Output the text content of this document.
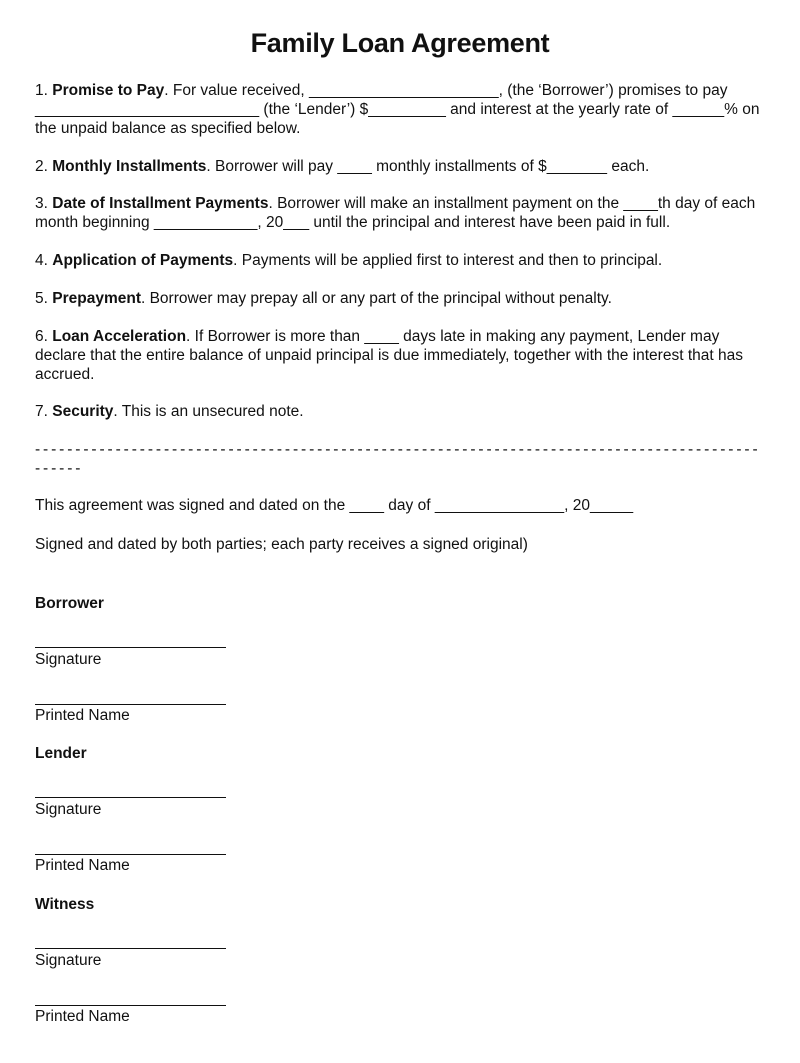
Family Loan Agreement

1. Promise to Pay. For value received, ______________________, (the ‘Borrower’) promises to pay __________________________ (the ‘Lender’) $_________ and interest at the yearly rate of ______% on the unpaid balance as specified below.

2. Monthly Installments. Borrower will pay ____ monthly installments of $_______ each.

3. Date of Installment Payments. Borrower will make an installment payment on the ____th day of each month beginning ____________, 20___ until the principal and interest have been paid in full.

4. Application of Payments. Payments will be applied first to interest and then to principal.

5. Prepayment. Borrower may prepay all or any part of the principal without penalty.

6. Loan Acceleration. If Borrower is more than ____ days late in making any payment, Lender may declare that the entire balance of unpaid principal is due immediately, together with the interest that has accrued.

7. Security. This is an unsecured note.

------------------------------------------------------------------------------------------

------

This agreement was signed and dated on the ____ day of _______________, 20_____

Signed and dated by both parties; each party receives a signed original)

Borrower

Signature

Printed Name

Lender

Signature

Printed Name

Witness

Signature

Printed Name
